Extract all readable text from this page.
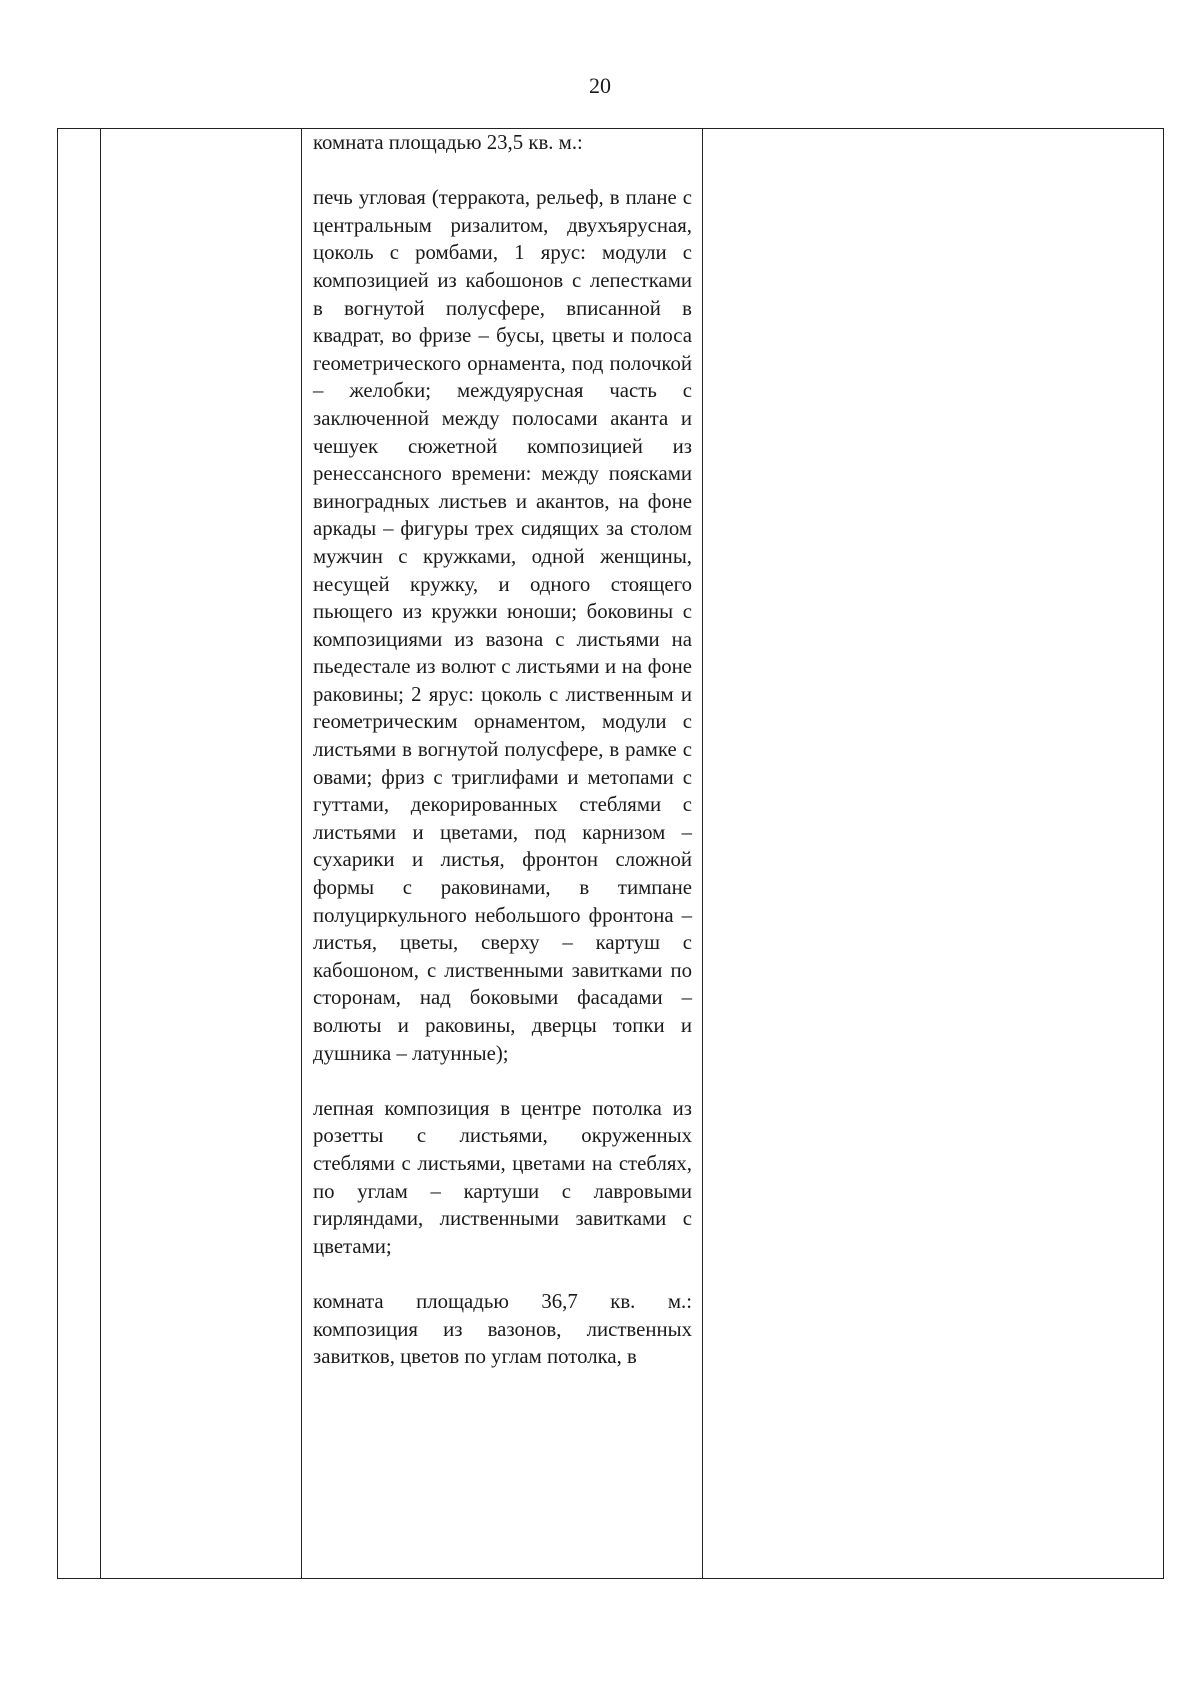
20

комната площадью 23,5 кв. м.:

печь угловая (терракота, рельеф, в плане с центральным ризалитом, двухъярусная, цоколь с ромбами, 1 ярус: модули с композицией из кабошонов с лепестками в вогнутой полусфере, вписанной в квадрат, во фризе – бусы, цветы и полоса геометрического орнамента, под полочкой – желобки; междуярусная часть с заключенной между полосами аканта и чешуек сюжетной композицией из ренессансного времени: между поясками виноградных листьев и акантов, на фоне аркады – фигуры трех сидящих за столом мужчин с кружками, одной женщины, несущей кружку, и одного стоящего пьющего из кружки юноши; боковины с композициями из вазона с листьями на пьедестале из волют с листьями и на фоне раковины; 2 ярус: цоколь с лиственным и геометрическим орнаментом, модули с листьями в вогнутой полусфере, в рамке с овами; фриз с триглифами и метопами с гуттами, декорированных стеблями с листьями и цветами, под карнизом – сухарики и листья, фронтон сложной формы с раковинами, в тимпане полуциркульного небольшого фронтона – листья, цветы, сверху – картуш с кабошоном, с лиственными завитками по сторонам, над боковыми фасадами – волюты и раковины, дверцы топки и душника – латунные);

лепная композиция в центре потолка из розетты с листьями, окруженных стеблями с листьями, цветами на стеблях, по углам – картуши с лавровыми гирляндами, лиственными завитками с цветами;

комната площадью 36,7 кв. м.: композиция из вазонов, лиственных завитков, цветов по углам потолка, в
